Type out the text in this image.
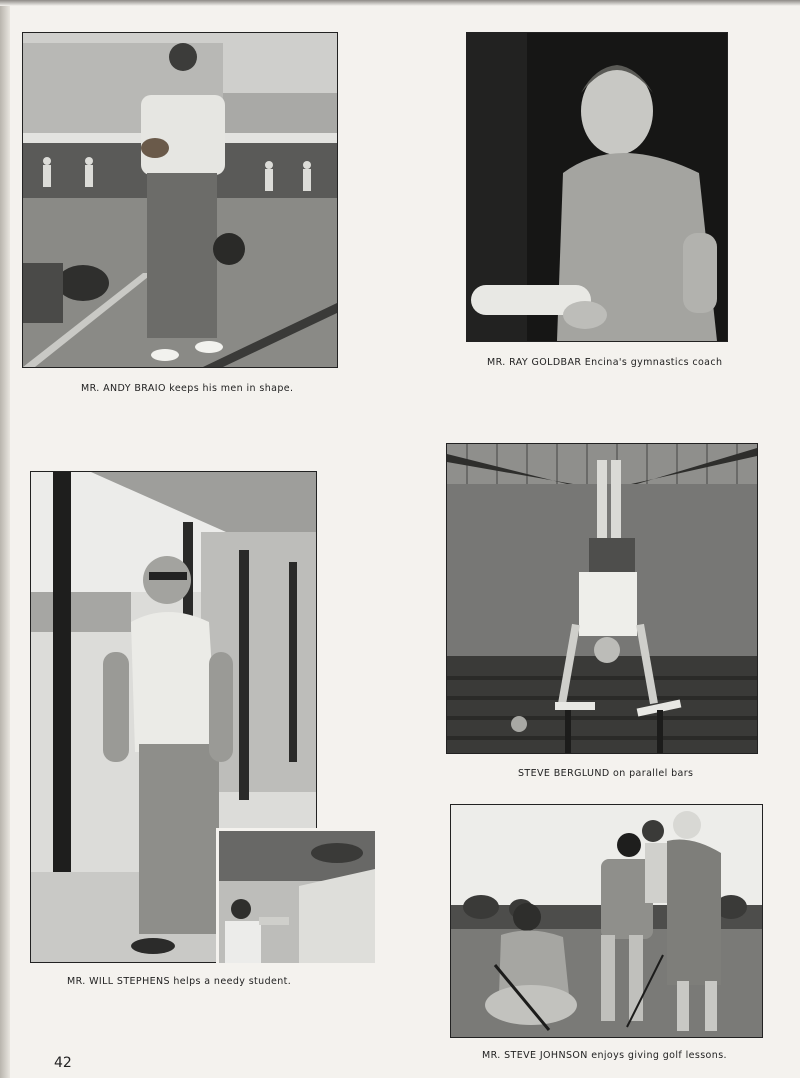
MR. ANDY BRAIO keeps his men in shape.
MR. RAY GOLDBAR Encina's gymnastics coach
MR. WILL STEPHENS helps a needy student.
STEVE BERGLUND on parallel bars
MR. STEVE JOHNSON enjoys giving golf lessons.
42
